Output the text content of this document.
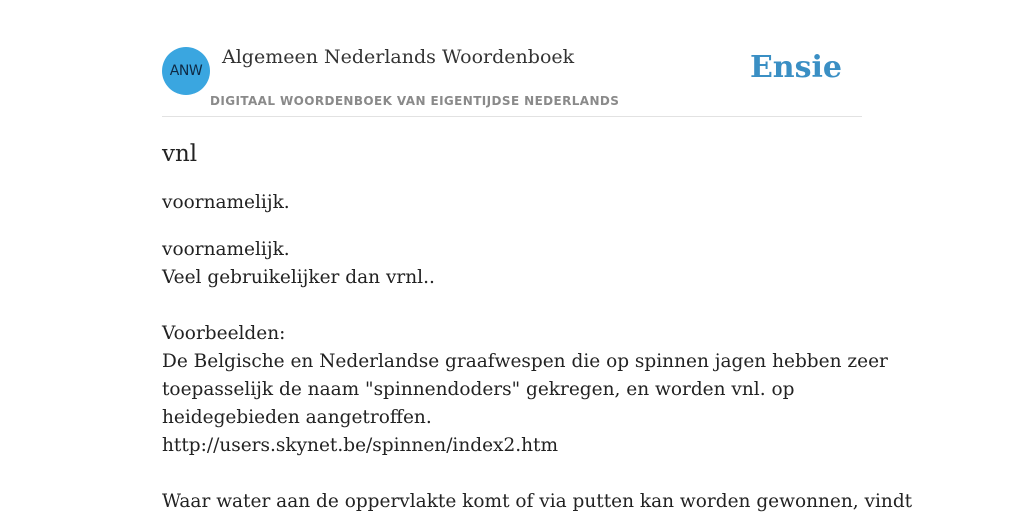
ANW
Algemeen Nederlands Woordenboek
DIGITAAL WOORDENBOEK VAN EIGENTIJDSE NEDERLANDS
Ensie
vnl

voornamelijk.

voornamelijk.
Veel gebruikelijker dan vrnl..
Voorbeelden:
De Belgische en Nederlandse graafwespen die op spinnen jagen hebben zeer
toepasselijk de naam "spinnendoders" gekregen, en worden vnl. op
heidegebieden aangetroffen.
http://users.skynet.be/spinnen/index2.htm
Waar water aan de oppervlakte komt of via putten kan worden gewonnen, vindt
